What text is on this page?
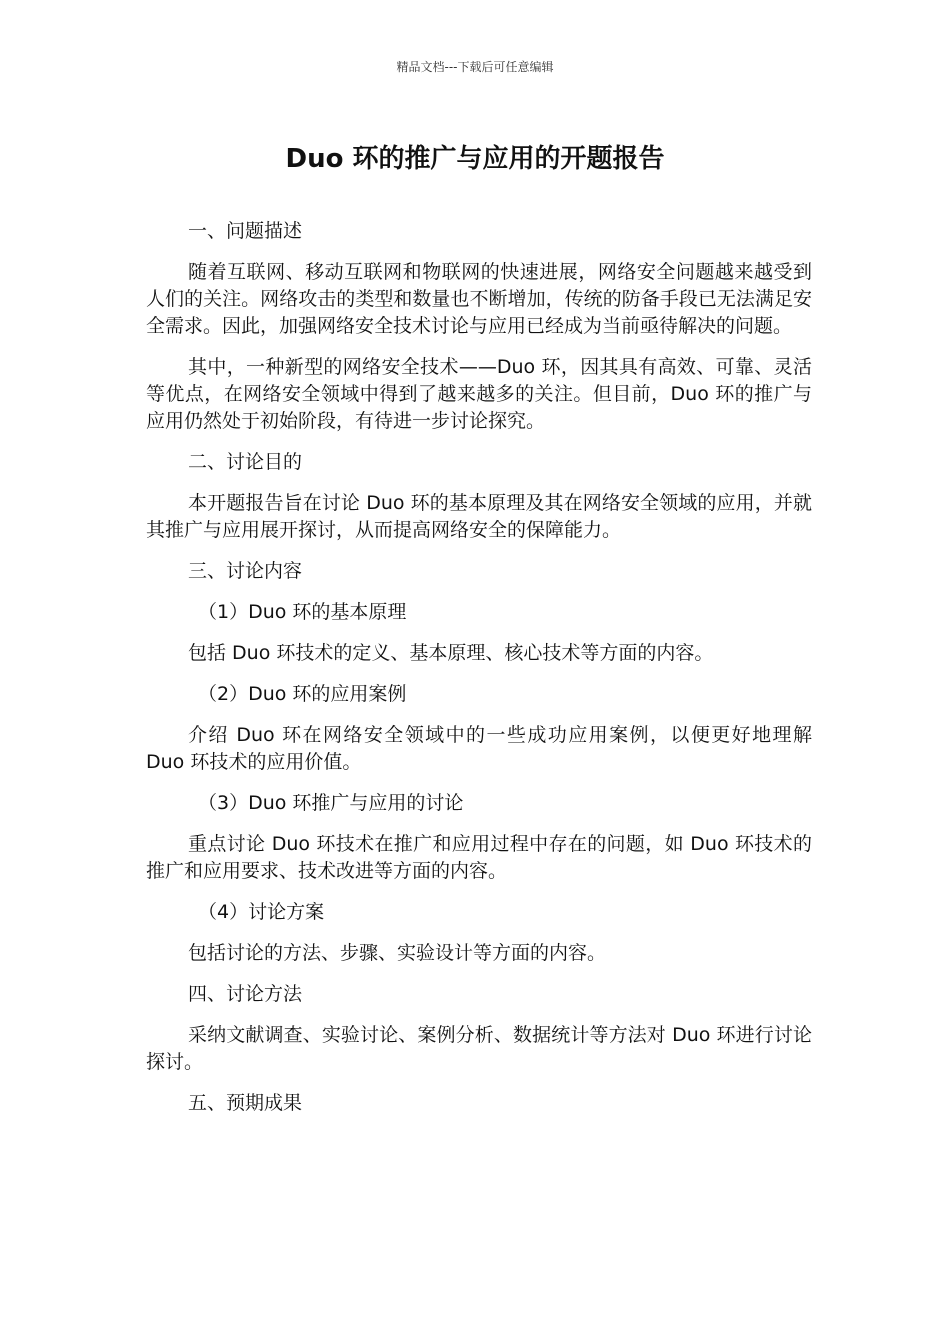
精品文档---下载后可任意编辑
Duo 环的推广与应用的开题报告

一、问题描述

随着互联网、移动互联网和物联网的快速进展，网络安全问题越来越受到人们的关注。网络攻击的类型和数量也不断增加，传统的防备手段已无法满足安全需求。因此，加强网络安全技术讨论与应用已经成为当前亟待解决的问题。

其中，一种新型的网络安全技术——Duo 环，因其具有高效、可靠、灵活等优点，在网络安全领域中得到了越来越多的关注。但目前，Duo 环的推广与应用仍然处于初始阶段，有待进一步讨论探究。

二、讨论目的

本开题报告旨在讨论 Duo 环的基本原理及其在网络安全领域的应用，并就其推广与应用展开探讨，从而提高网络安全的保障能力。

三、讨论内容

（1）Duo 环的基本原理

包括 Duo 环技术的定义、基本原理、核心技术等方面的内容。

（2）Duo 环的应用案例

介绍 Duo 环在网络安全领域中的一些成功应用案例，以便更好地理解 Duo 环技术的应用价值。

（3）Duo 环推广与应用的讨论

重点讨论 Duo 环技术在推广和应用过程中存在的问题，如 Duo 环技术的推广和应用要求、技术改进等方面的内容。

（4）讨论方案

包括讨论的方法、步骤、实验设计等方面的内容。

四、讨论方法

采纳文献调查、实验讨论、案例分析、数据统计等方法对 Duo 环进行讨论探讨。

五、预期成果
